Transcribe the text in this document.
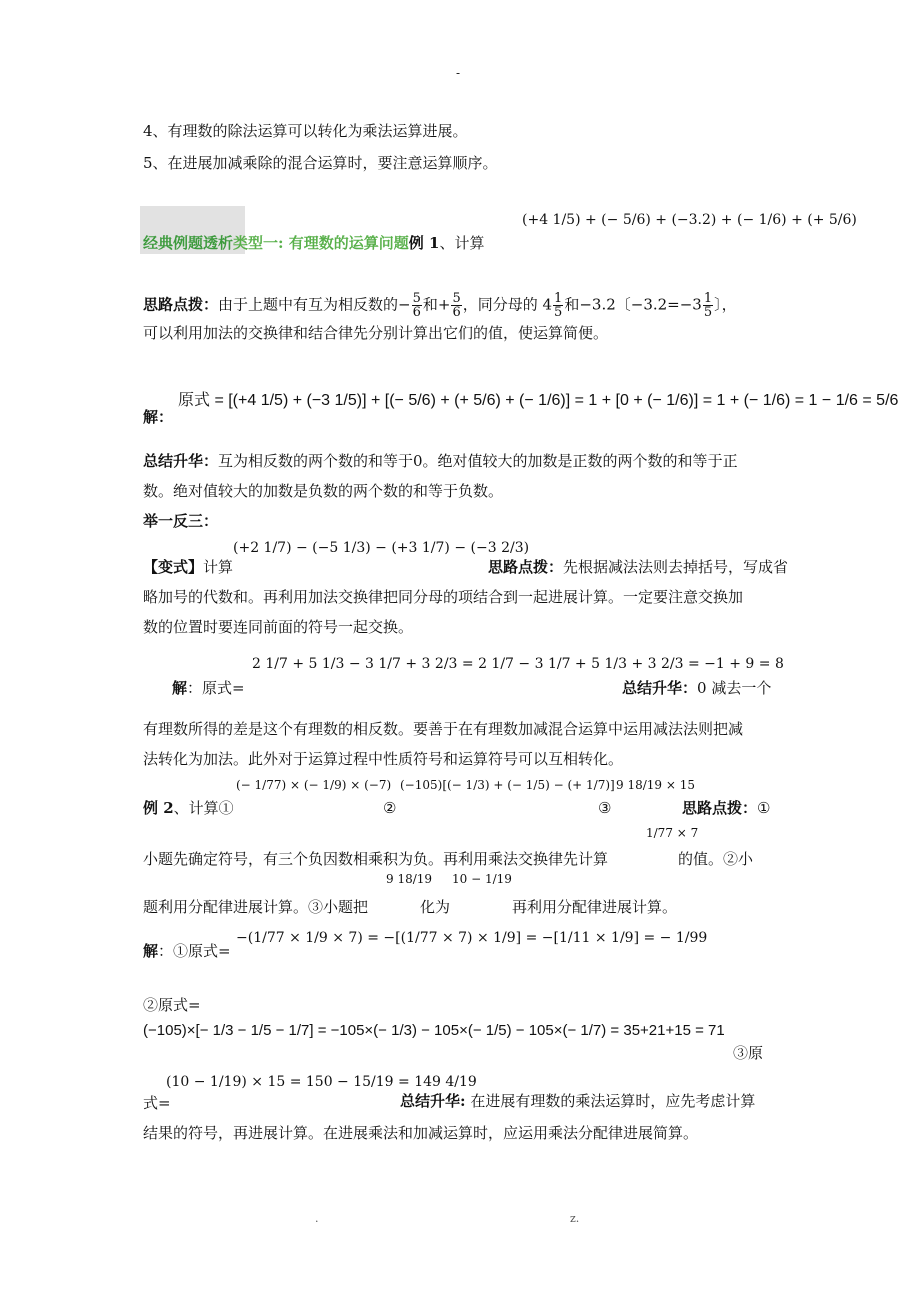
-
4、有理数的除法运算可以转化为乘法运算进展。
5、在进展加减乘除的混合运算时，要注意运算顺序。
经典例题透析类型一: 有理数的运算问题例 1、计算
(+4 1/5) + (− 5/6) + (−3.2) + (− 1/6) + (+ 5/6)
思路点拨：由于上题中有互为相反数的− $\frac{5}{6}$ 和+ $\frac{5}{6}$ ，同分母的 $4 \frac{1}{5}$ 和−3.2〔$-3.2=-3 \frac{1}{5}$ 〕，
可以利用加法的交换律和结合律先分别计算出它们的值，使运算简便。
原式 = [(+4 1/5) + (−3 1/5)] + [(− 5/6) + (+ 5/6) + (− 1/6)] = 1 + [0 + (− 1/6)] = 1 + (− 1/6) = 1 − 1/6 = 5/6
解：
总结升华：互为相反数的两个数的和等于0。绝对值较大的加数是正数的两个数的和等于正
数。绝对值较大的加数是负数的两个数的和等于负数。
举一反三：
(+2 1/7) − (−5 1/3) − (+3 1/7) − (−3 2/3)
【变式】计算	思路点拨：先根据减法法则去掉括号，写成省
略加号的代数和。再利用加法交换律把同分母的项结合到一起进展计算。一定要注意交换加
数的位置时要连同前面的符号一起交换。
2 1/7 + 5 1/3 − 3 1/7 + 3 2/3 = 2 1/7 − 3 1/7 + 5 1/3 + 3 2/3 = −1 + 9 = 8
解：原式=	总结升华：0 减去一个
有理数所得的差是这个有理数的相反数。要善于在有理数加减混合运算中运用减法法则把减
法转化为加法。此外对于运算过程中性质符号和运算符号可以互相转化。
(− 1/77) × (− 1/9) × (−7) (−105)[(− 1/3) + (− 1/5) − (+ 1/7)] 9 18/19 × 15
例 2、计算①	②	③	思路点拨：①
1/77 × 7
小题先确定符号，有三个负因数相乘积为负。再利用乘法交换律先计算	的值。②小
9 18/19 10 − 1/19
题利用分配律进展计算。③小题把	化为	再利用分配律进展计算。
−(1/77 × 1/9 × 7) = −[(1/77 × 7) × 1/9] = −[1/11 × 1/9] = − 1/99
解：①原式=
②原式=
(−105)×[− 1/3 − 1/5 − 1/7] = −105×(− 1/3) − 105×(− 1/5) − 105×(− 1/7) = 35+21+15 = 71
③原
(10 − 1/19) × 15 = 150 − 15/19 = 149 4/19
式=	总结升华: 在进展有理数的乘法运算时，应先考虑计算
结果的符号，再进展计算。在进展乘法和加减运算时，应运用乘法分配律进展简算。
.	z.
